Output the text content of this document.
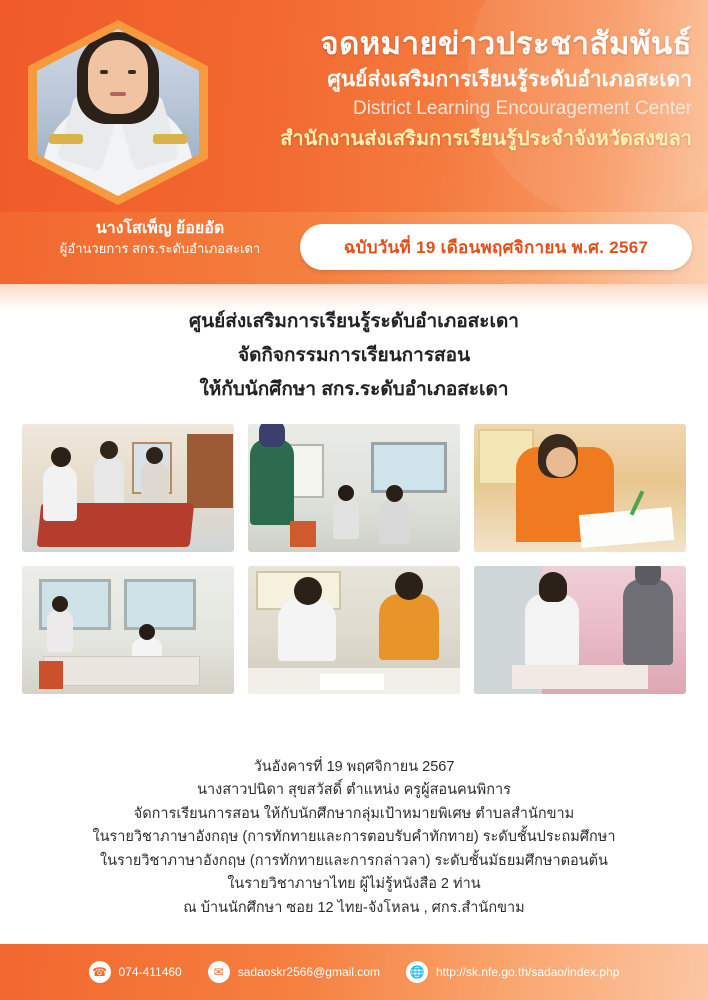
จดหมายข่าวประชาสัมพันธ์
ศูนย์ส่งเสริมการเรียนรู้ระดับอำเภอสะเดา
District Learning Encouragement Center
สำนักงานส่งเสริมการเรียนรู้ประจำจังหวัดสงขลา
นางโสเพ็ญ ย้อยอัด
ผู้อำนวยการ สกร.ระดับอำเภอสะเดา	ฉบับวันที่ 19 เดือนพฤศจิกายน พ.ศ. 2567
ศูนย์ส่งเสริมการเรียนรู้ระดับอำเภอสะเดา
จัดกิจกรรมการเรียนการสอน
ให้กับนักศึกษา สกร.ระดับอำเภอสะเดา
วันอังคารที่ 19 พฤศจิกายน 2567
นางสาวปนิดา สุขสวัสดิ์ ตำแหน่ง ครูผู้สอนคนพิการ
จัดการเรียนการสอน ให้กับนักศึกษากลุ่มเป้าหมายพิเศษ ตำบลสำนักขาม
ในรายวิชาภาษาอังกฤษ (การทักทายและการตอบรับคำทักทาย) ระดับชั้นประถมศึกษา
ในรายวิชาภาษาอังกฤษ (การทักทายและการกล่าวลา) ระดับชั้นมัธยมศึกษาตอนต้น
ในรายวิชาภาษาไทย ผู้ไม่รู้หนังสือ 2 ท่าน
ณ บ้านนักศึกษา ซอย 12 ไทย-จังโหลน , ศกร.สำนักขาม
☎ 074-411460	✉	sadaoskr2566@gmail.com 🌐 http://sk.nfe.go.th/sadao/index.php
